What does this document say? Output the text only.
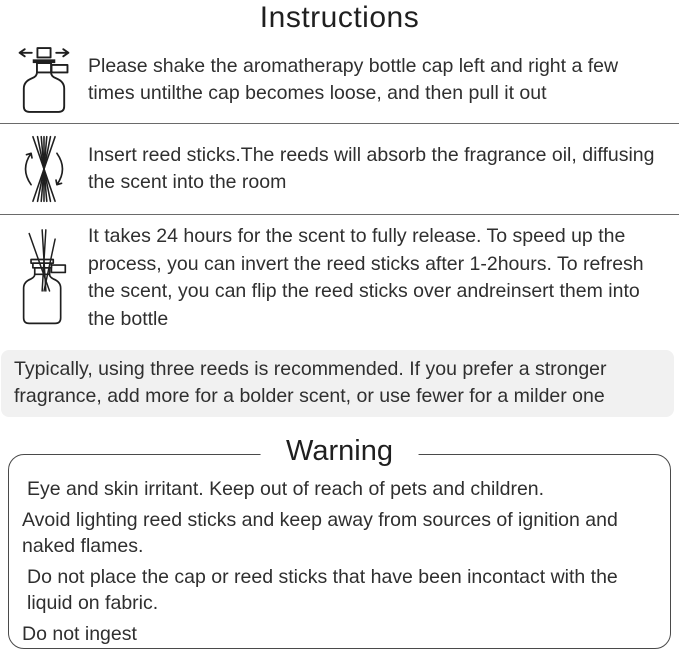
Instructions
Please shake the aromatherapy bottle cap left and right a few times untilthe cap becomes loose, and then pull it out
Insert reed sticks.The reeds will absorb the fragrance oil, diffusing the scent into the room
It takes 24 hours for the scent to fully release. To speed up the process, you can invert the reed sticks after 1-2hours. To refresh the scent, you can flip the reed sticks over andreinsert them into the bottle
Typically, using three reeds is recommended. If you prefer a stronger fragrance, add more for a bolder scent, or use fewer for a milder one
Warning

Eye and skin irritant. Keep out of reach of pets and children.

Avoid lighting reed sticks and keep away from sources of ignition and naked flames.

Do not place the cap or reed sticks that have been incontact with the liquid on fabric.

Do not ingest
